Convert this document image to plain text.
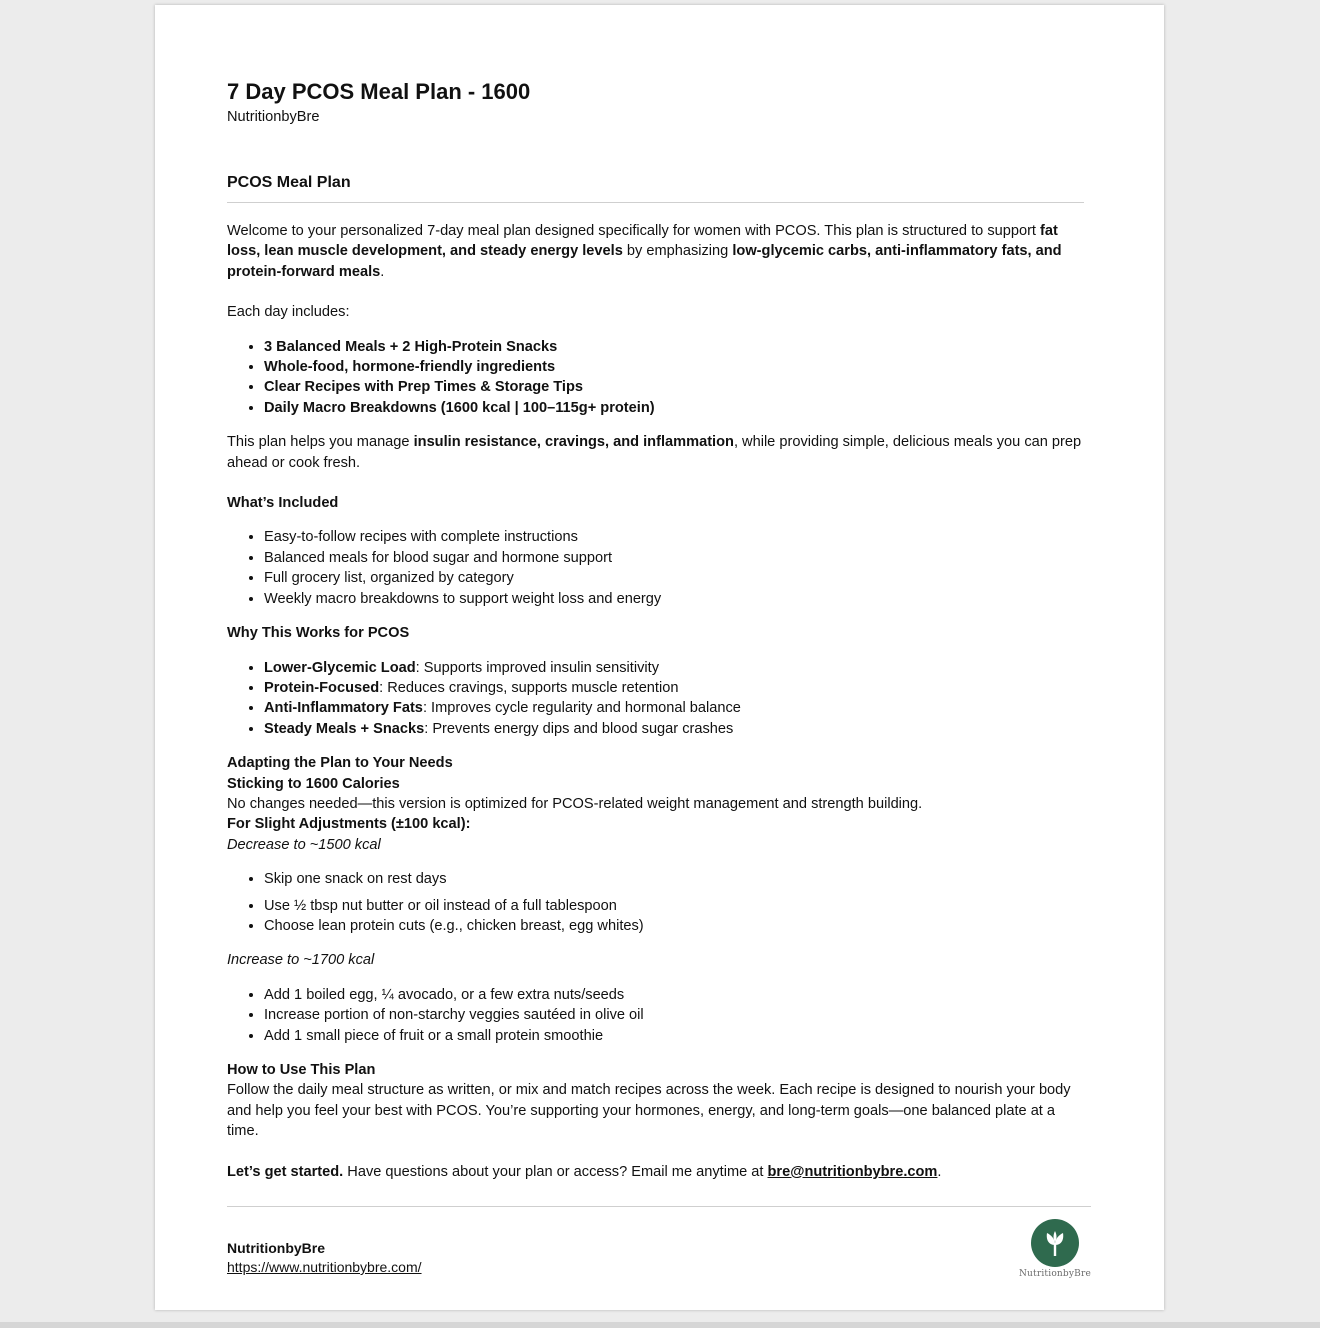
7 Day PCOS Meal Plan - 1600
NutritionbyBre
PCOS Meal Plan

Welcome to your personalized 7-day meal plan designed specifically for women with PCOS. This plan is structured to support fat loss, lean muscle development, and steady energy levels by emphasizing low-glycemic carbs, anti-inflammatory fats, and protein-forward meals.

Each day includes:

• 3 Balanced Meals + 2 High-Protein Snacks
• Whole-food, hormone-friendly ingredients
• Clear Recipes with Prep Times & Storage Tips
• Daily Macro Breakdowns (1600 kcal | 100–115g+ protein)

This plan helps you manage insulin resistance, cravings, and inflammation, while providing simple, delicious meals you can prep ahead or cook fresh.

What’s Included

• Easy-to-follow recipes with complete instructions
• Balanced meals for blood sugar and hormone support
• Full grocery list, organized by category
• Weekly macro breakdowns to support weight loss and energy

Why This Works for PCOS

• Lower-Glycemic Load: Supports improved insulin sensitivity
• Protein-Focused: Reduces cravings, supports muscle retention
• Anti-Inflammatory Fats: Improves cycle regularity and hormonal balance
• Steady Meals + Snacks: Prevents energy dips and blood sugar crashes

Adapting the Plan to Your Needs

Sticking to 1600 Calories

No changes needed—this version is optimized for PCOS-related weight management and strength building.

For Slight Adjustments (±100 kcal):

Decrease to ~1500 kcal

• Skip one snack on rest days
• Use ½ tbsp nut butter or oil instead of a full tablespoon
• Choose lean protein cuts (e.g., chicken breast, egg whites)

Increase to ~1700 kcal

• Add 1 boiled egg, ¼ avocado, or a few extra nuts/seeds
• Increase portion of non-starchy veggies sautéed in olive oil
• Add 1 small piece of fruit or a small protein smoothie

How to Use This Plan

Follow the daily meal structure as written, or mix and match recipes across the week. Each recipe is designed to nourish your body and help you feel your best with PCOS. You’re supporting your hormones, energy, and long-term goals—one balanced plate at a time.

Let’s get started. Have questions about your plan or access? Email me anytime at bre@nutritionbybre.com.

NutritionbyBre
https://www.nutritionbybre.com/	NutritionbyBre
